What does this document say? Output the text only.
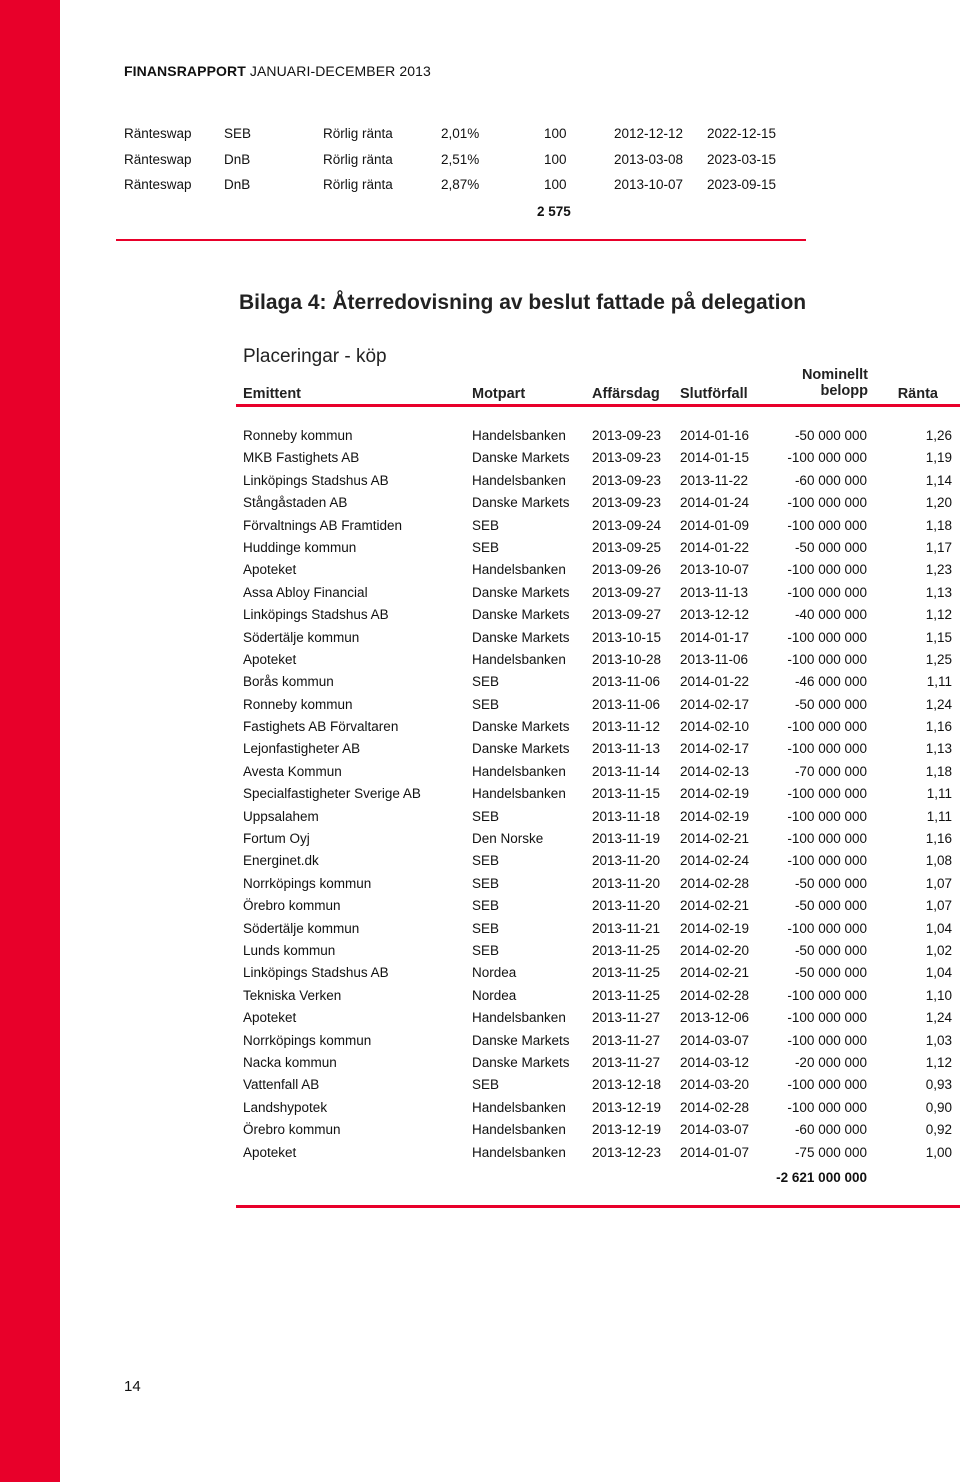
FINANSRAPPORT JANUARI-DECEMBER 2013
Ränteswap SEB	Rörlig ränta	2,01%	100	2012-12-12 2022-12-15
Ränteswap DnB	Rörlig ränta	2,51%	100	2013-03-08 2023-03-15
Ränteswap DnB	Rörlig ränta	2,87%	100	2013-10-07 2023-09-15
2 575
Bilaga 4: Återredovisning av beslut fattade på delegation
Placeringar - köp
Emittent	Motpart	Affärsdag Slutförfall
Nominellt
belopp Ränta
Ronneby kommun	Handelsbanken 2013-09-23 2014-01-16	-50 000 000	1,26
MKB Fastighets AB	Danske Markets 2013-09-23 2014-01-15	-100 000 000	1,19
Linköpings Stadshus AB	Handelsbanken 2013-09-23 2013-11-22	-60 000 000	1,14
Stångåstaden AB	Danske Markets 2013-09-23 2014-01-24	-100 000 000	1,20
Förvaltnings AB Framtiden	SEB	2013-09-24 2014-01-09	-100 000 000	1,18
Huddinge kommun	SEB	2013-09-25 2014-01-22	-50 000 000	1,17
Apoteket	Handelsbanken 2013-09-26 2013-10-07	-100 000 000	1,23
Assa Abloy Financial	Danske Markets 2013-09-27 2013-11-13	-100 000 000	1,13
Linköpings Stadshus AB	Danske Markets 2013-09-27 2013-12-12	-40 000 000	1,12
Södertälje kommun	Danske Markets 2013-10-15 2014-01-17	-100 000 000	1,15
Apoteket	Handelsbanken 2013-10-28 2013-11-06	-100 000 000	1,25
Borås kommun	SEB	2013-11-06 2014-01-22	-46 000 000	1,11
Ronneby kommun	SEB	2013-11-06 2014-02-17	-50 000 000	1,24
Fastighets AB Förvaltaren	Danske Markets 2013-11-12 2014-02-10	-100 000 000	1,16
Lejonfastigheter AB	Danske Markets 2013-11-13 2014-02-17	-100 000 000	1,13
Avesta Kommun	Handelsbanken 2013-11-14 2014-02-13	-70 000 000	1,18
Specialfastigheter Sverige AB	Handelsbanken 2013-11-15 2014-02-19	-100 000 000	1,11
Uppsalahem	SEB	2013-11-18 2014-02-19	-100 000 000	1,11
Fortum Oyj	Den Norske	2013-11-19 2014-02-21	-100 000 000	1,16
Energinet.dk	SEB	2013-11-20 2014-02-24	-100 000 000	1,08
Norrköpings kommun	SEB	2013-11-20 2014-02-28	-50 000 000	1,07
Örebro kommun	SEB	2013-11-20 2014-02-21	-50 000 000	1,07
Södertälje kommun	SEB	2013-11-21 2014-02-19	-100 000 000	1,04
Lunds kommun	SEB	2013-11-25 2014-02-20	-50 000 000	1,02
Linköpings Stadshus AB	Nordea	2013-11-25 2014-02-21	-50 000 000	1,04
Tekniska Verken	Nordea	2013-11-25 2014-02-28	-100 000 000	1,10
Apoteket	Handelsbanken 2013-11-27 2013-12-06	-100 000 000	1,24
Norrköpings kommun	Danske Markets 2013-11-27 2014-03-07	-100 000 000	1,03
Nacka kommun	Danske Markets 2013-11-27 2014-03-12	-20 000 000	1,12
Vattenfall AB	SEB	2013-12-18 2014-03-20	-100 000 000	0,93
Landshypotek	Handelsbanken 2013-12-19 2014-02-28	-100 000 000	0,90
Örebro kommun	Handelsbanken 2013-12-19 2014-03-07	-60 000 000	0,92
Apoteket	Handelsbanken 2013-12-23 2014-01-07	-75 000 000	1,00
-2 621 000 000
14
